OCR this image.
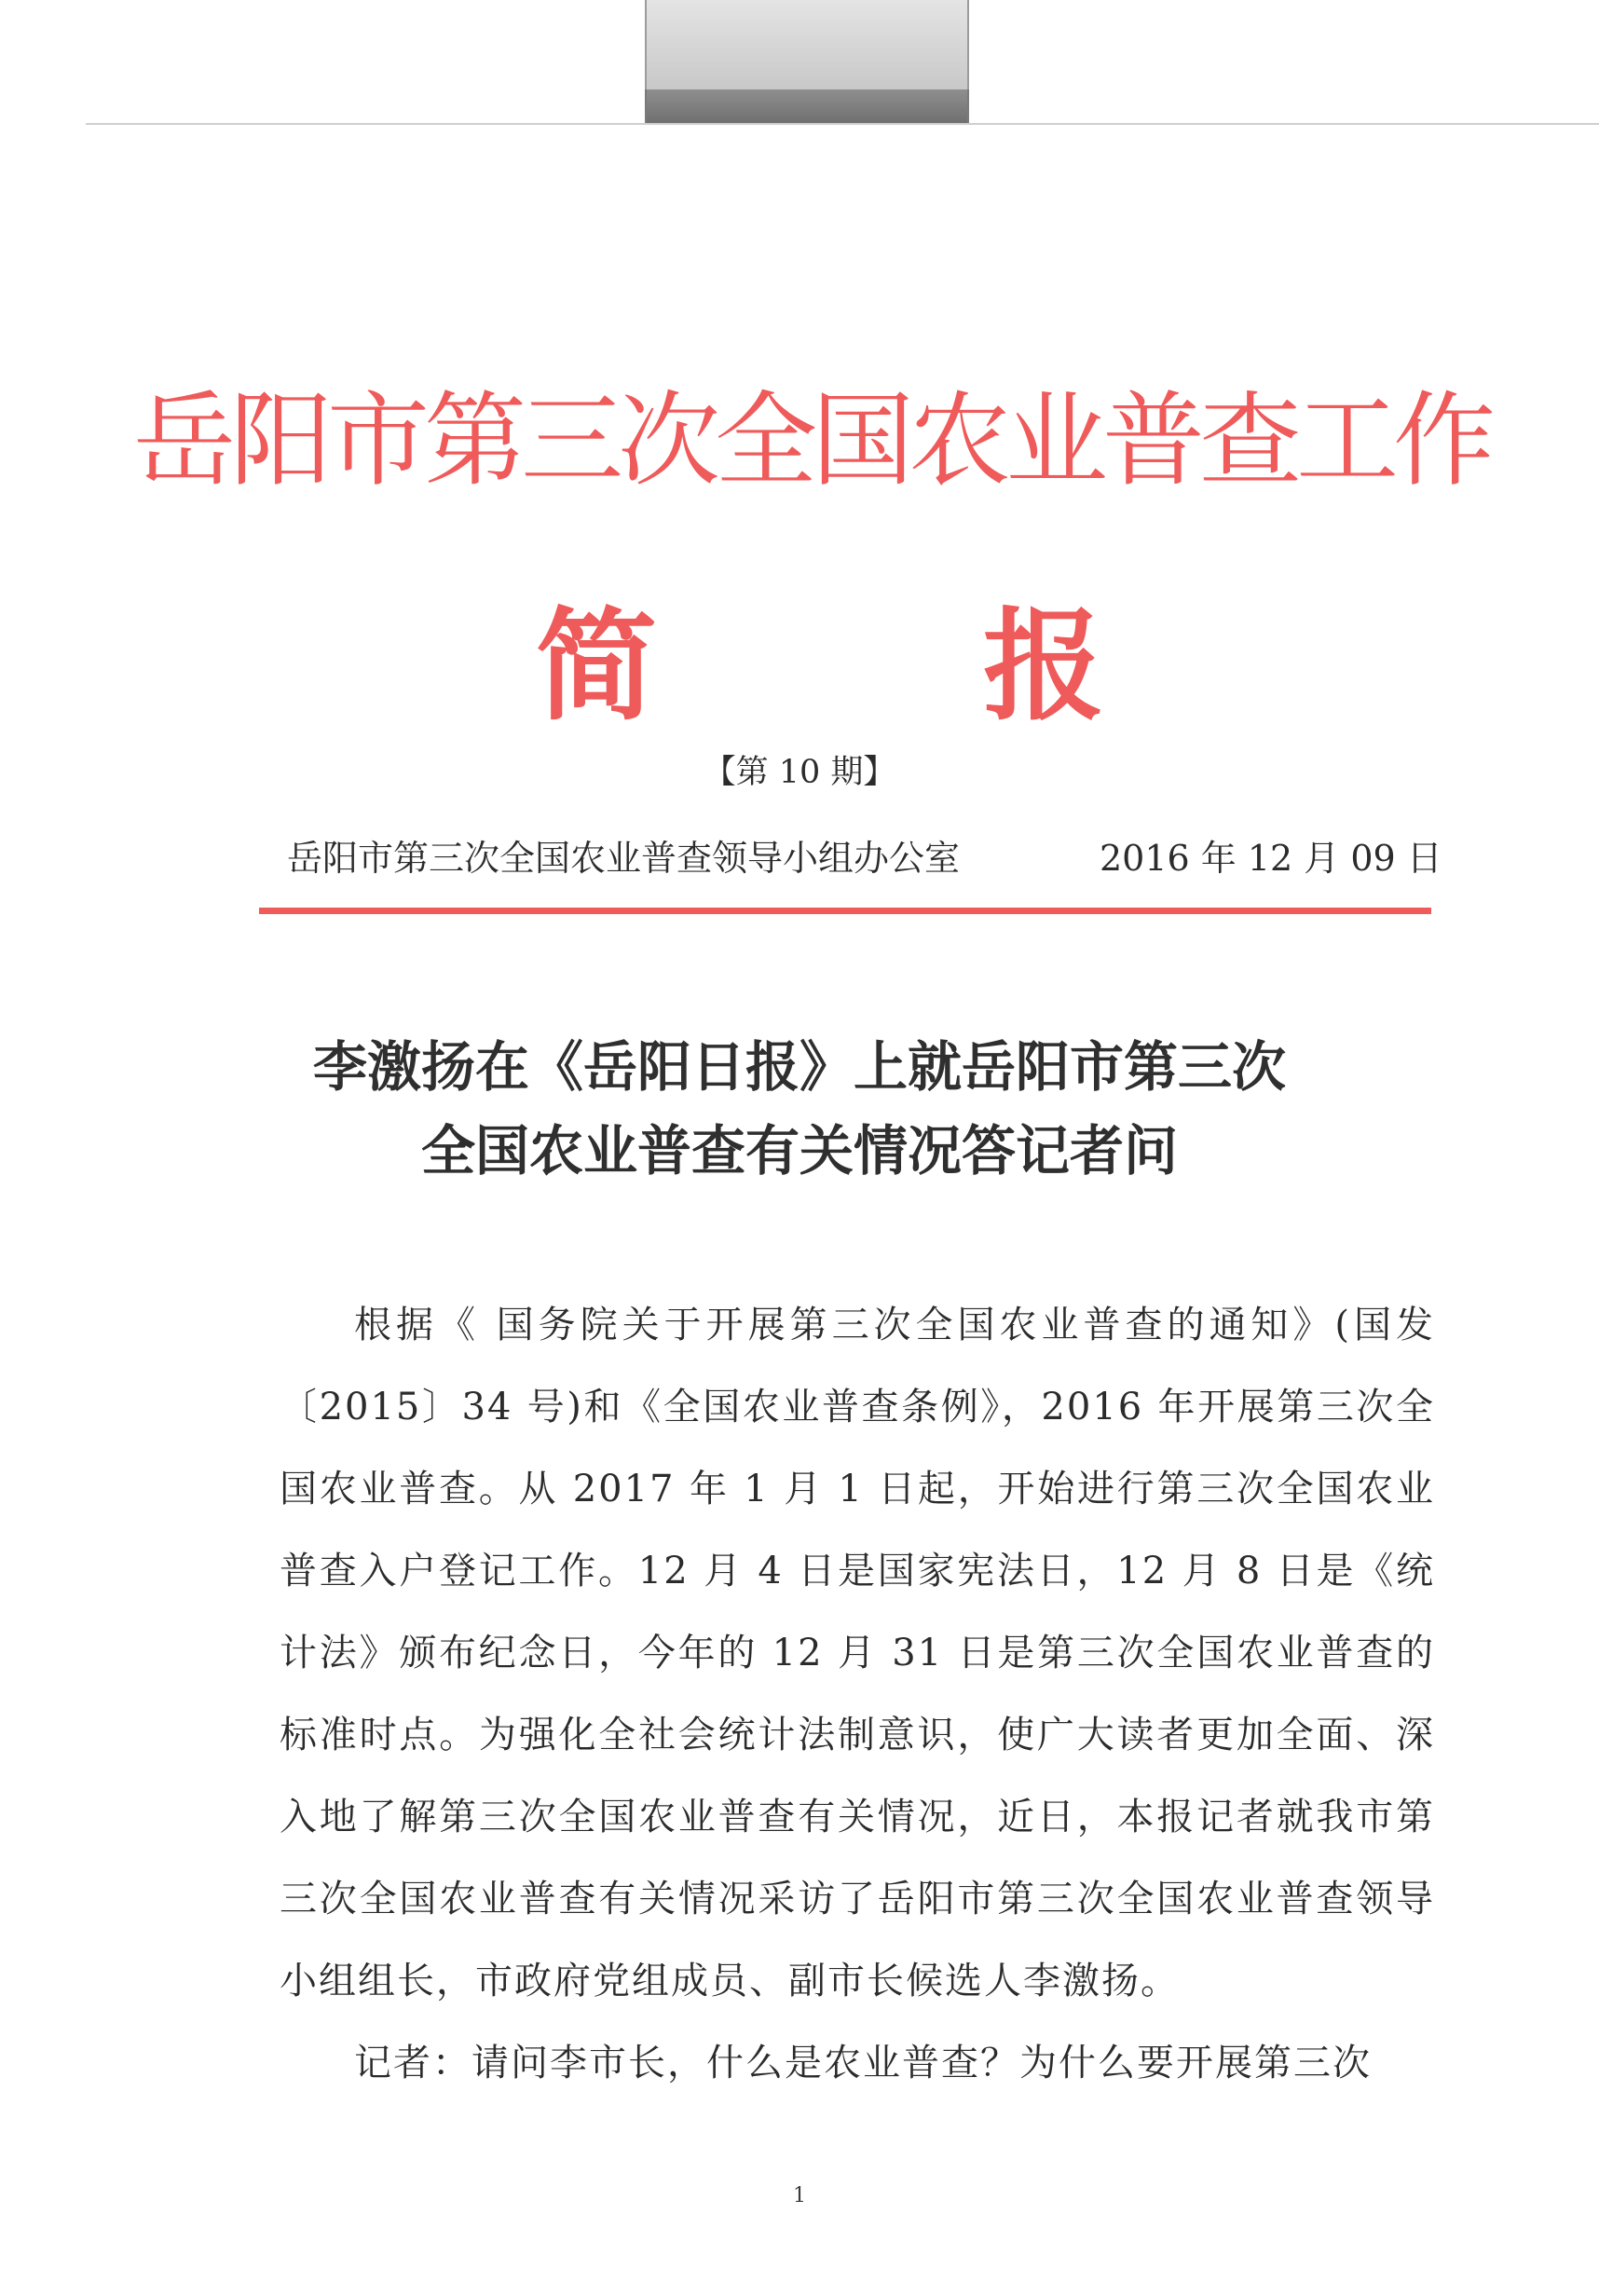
岳阳市第三次全国农业普查工作
简	报
【第 10 期】
岳阳市第三次全国农业普查领导小组办公室	2016 年 12 月 09 日
李激扬在《岳阳日报》上就岳阳市第三次
全国农业普查有关情况答记者问

根据《 国务院关于开展第三次全国农业普查的通知》(国发〔2015〕34 号)和《全国农业普查条例》，2016 年开展第三次全国农业普查。从 2017 年 1 月 1 日起，开始进行第三次全国农业普查入户登记工作。12 月 4 日是国家宪法日，12 月 8 日是《统计法》颁布纪念日，今年的 12 月 31 日是第三次全国农业普查的标准时点。为强化全社会统计法制意识，使广大读者更加全面、深入地了解第三次全国农业普查有关情况，近日，本报记者就我市第三次全国农业普查有关情况采访了岳阳市第三次全国农业普查领导小组组长，市政府党组成员、副市长候选人李激扬。

记者：请问李市长，什么是农业普查？为什么要开展第三次

1
